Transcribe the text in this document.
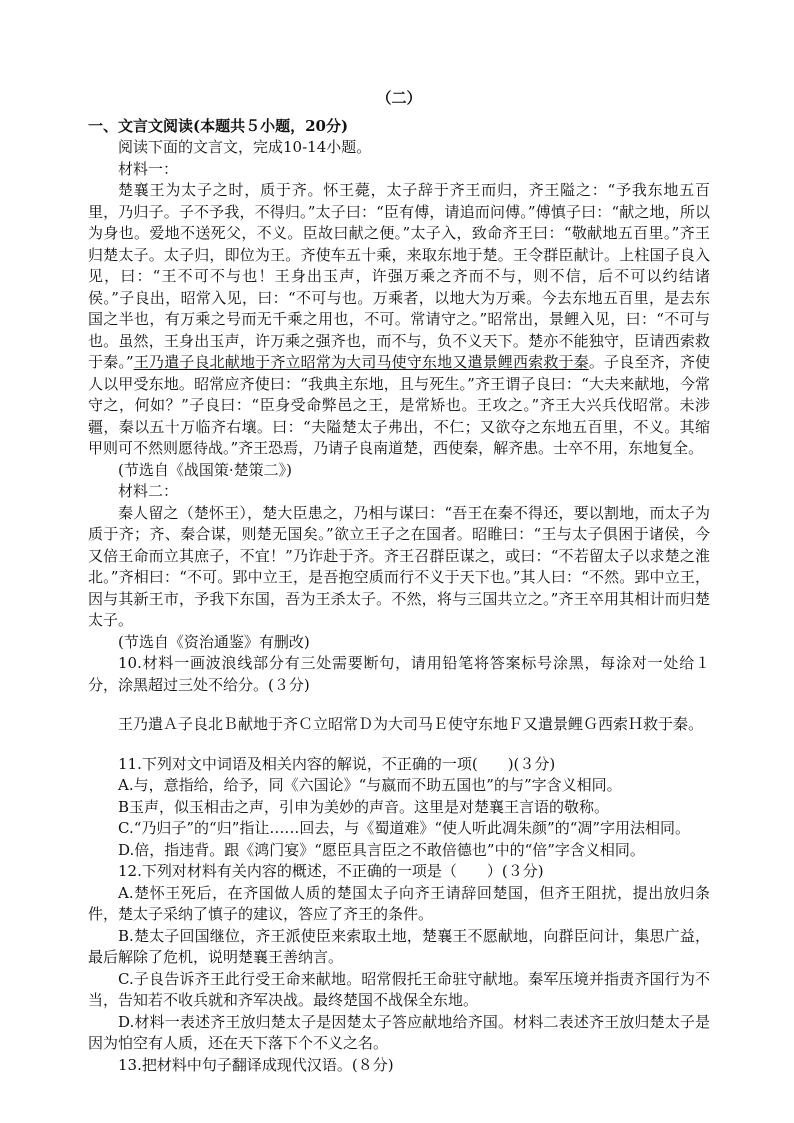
（二）

一、文言文阅读(本题共５小题，20分)

阅读下面的文言文，完成10-14小题。

材料一：

楚襄王为太子之时，质于齐。怀王薨，太子辞于齐王而归，齐王隘之：“予我东地五百里，乃归子。子不予我，不得归。”太子曰：“臣有傅，请追而问傅。”傅慎子曰：“献之地，所以为身也。爱地不送死父，不义。臣故曰献之便。”太子入，致命齐王曰：“敬献地五百里。”齐王归楚太子。太子归，即位为王。齐使车五十乘，来取东地于楚。王令群臣献计。上柱国子良入见，曰：“王不可不与也！王身出玉声，许强万乘之齐而不与，则不信，后不可以约结诸侯。”子良出，昭常入见，曰：“不可与也。万乘者，以地大为万乘。今去东地五百里，是去东国之半也，有万乘之号而无千乘之用也，不可。常请守之。”昭常出，景鲤入见，曰：“不可与也。虽然，王身出玉声，许万乘之强齐也，而不与，负不义天下。楚亦不能独守，臣请西索救于秦。”王乃遣子良北献地于齐立昭常为大司马使守东地又遣景鲤西索救于秦。子良至齐，齐使人以甲受东地。昭常应齐使曰：“我典主东地，且与死生。”齐王谓子良曰：“大夫来献地，今常守之，何如？”子良曰：“臣身受命弊邑之王，是常矫也。王攻之。”齐王大兴兵伐昭常。未涉疆，秦以五十万临齐右壤。曰：“夫隘楚太子弗出，不仁；又欲夺之东地五百里，不义。其缩甲则可不然则愿待战。”齐王恐焉，乃请子良南道楚，西使秦，解齐患。士卒不用，东地复全。

(节选自《战国策·楚策二》)

材料二：

秦人留之（楚怀王），楚大臣患之，乃相与谋曰：“吾王在秦不得还，要以割地，而太子为质于齐；齐、秦合谋，则楚无国矣。”欲立王子之在国者。昭睢曰：“王与太子俱困于诸侯，今又倍王命而立其庶子，不宜！”乃诈赴于齐。齐王召群臣谋之，或曰：“不若留太子以求楚之淮北。”齐相曰：“不可。郢中立王，是吾抱空质而行不义于天下也。”其人曰：“不然。郢中立王，因与其新王市，予我下东国，吾为王杀太子。不然，将与三国共立之。”齐王卒用其相计而归楚太子。

(节选自《资治通鉴》有删改)

10.材料一画波浪线部分有三处需要断句，请用铅笔将答案标号涂黑，每涂对一处给１分，涂黑超过三处不给分。(３分)

王乃遣Ａ子良北Ｂ献地于齐Ｃ立昭常Ｄ为大司马Ｅ使守东地Ｆ又遣景鲤Ｇ西索Ｈ救于秦。

11.下列对文中词语及相关内容的解说，不正确的一项(　　)(３分)

A.与，意指给，给予，同《六国论》“与嬴而不助五国也”的与”字含义相同。

B玉声，似玉相击之声，引申为美妙的声音。这里是对楚襄王言语的敬称。

C.“乃归子”的“归”指让……回去，与《蜀道难》“使人听此凋朱颜”的“凋”字用法相同。

D.倍，指违背。跟《鸿门宴》“愿臣具言臣之不敢倍德也”中的“倍”字含义相同。

12.下列对材料有关内容的概述，不正确的一项是（　　）(３分)

A.楚怀王死后，在齐国做人质的楚国太子向齐王请辞回楚国，但齐王阻扰，提出放归条件，楚太子采纳了慎子的建议，答应了齐王的条件。

B.楚太子回国继位，齐王派使臣来索取土地，楚襄王不愿献地，向群臣问计，集思广益，最后解除了危机，说明楚襄王善纳言。

C.子良告诉齐王此行受王命来献地。昭常假托王命驻守献地。秦军压境并指责齐国行为不当，告知若不收兵就和齐军决战。最终楚国不战保全东地。

D.材料一表述齐王放归楚太子是因楚太子答应献地给齐国。材料二表述齐王放归楚太子是因为怕空有人质，还在天下落下个不义之名。

13.把材料中句子翻译成现代汉语。(８分)
